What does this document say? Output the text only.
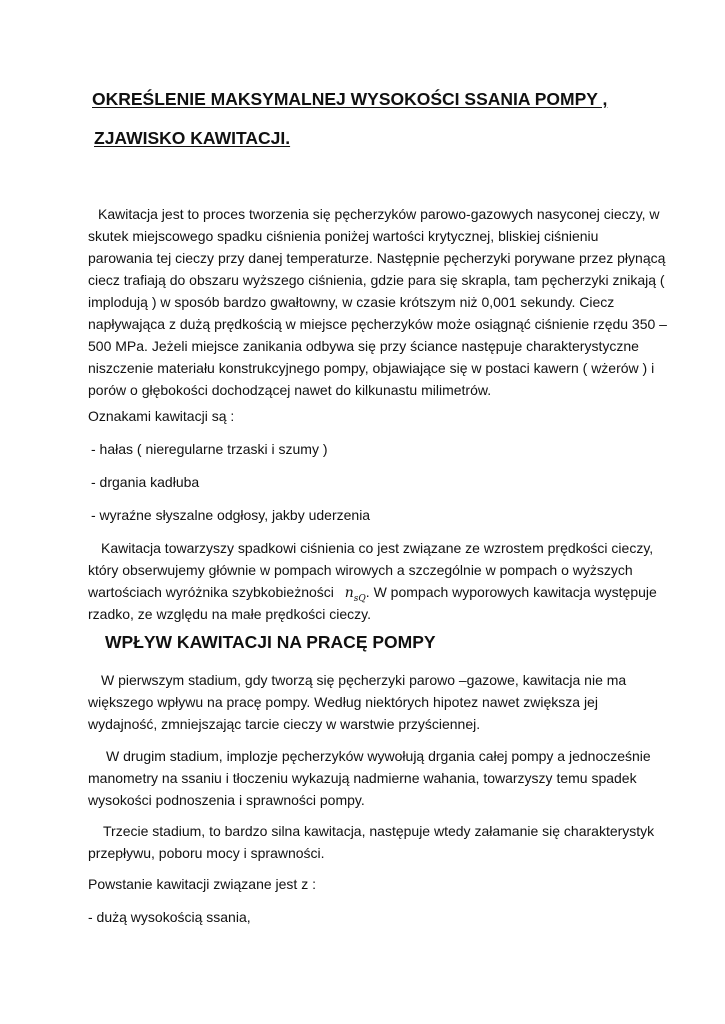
OKREŚLENIE MAKSYMALNEJ WYSOKOŚCI SSANIA POMPY ,
ZJAWISKO KAWITACJI.
Kawitacja jest to proces tworzenia się pęcherzyków parowo-gazowych nasyconej cieczy, w
skutek miejscowego spadku ciśnienia poniżej wartości krytycznej, bliskiej ciśnieniu
parowania tej cieczy przy danej temperaturze. Następnie pęcherzyki porywane przez płynącą
ciecz trafiają do obszaru wyższego ciśnienia, gdzie para się skrapla, tam pęcherzyki znikają (
implodują ) w sposób bardzo gwałtowny, w czasie krótszym niż 0,001 sekundy. Ciecz
napływająca z dużą prędkością w miejsce pęcherzyków może osiągnąć ciśnienie rzędu 350 –
500 MPa. Jeżeli miejsce zanikania odbywa się przy ściance następuje charakterystyczne
niszczenie materiału konstrukcyjnego pompy, objawiające się w postaci kawern ( wżerów ) i
porów o głębokości dochodzącej nawet do kilkunastu milimetrów.
Oznakami kawitacji są :
- hałas ( nieregularne trzaski i szumy )
- drgania kadłuba
- wyraźne słyszalne odgłosy, jakby uderzenia
Kawitacja towarzyszy spadkowi ciśnienia co jest związane ze wzrostem prędkości cieczy,
który obserwujemy głównie w pompach wirowych a szczególnie w pompach o wyższych
wartościach wyróżnika szybkobieżności $n_{sQ}$. W pompach wyporowych kawitacja występuje
rzadko, ze względu na małe prędkości cieczy.
WPŁYW KAWITACJI NA PRACĘ POMPY
W pierwszym stadium, gdy tworzą się pęcherzyki parowo –gazowe, kawitacja nie ma
większego wpływu na pracę pompy. Według niektórych hipotez nawet zwiększa jej
wydajność, zmniejszając tarcie cieczy w warstwie przyściennej.
W drugim stadium, implozje pęcherzyków wywołują drgania całej pompy a jednocześnie
manometry na ssaniu i tłoczeniu wykazują nadmierne wahania, towarzyszy temu spadek
wysokości podnoszenia i sprawności pompy.
Trzecie stadium, to bardzo silna kawitacja, następuje wtedy załamanie się charakterystyk
przepływu, poboru mocy i sprawności.
Powstanie kawitacji związane jest z :
- dużą wysokością ssania,
